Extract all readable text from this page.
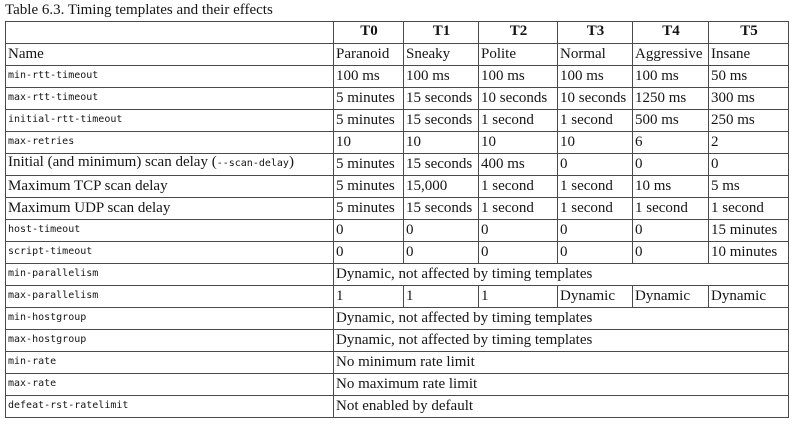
Table 6.3. Timing templates and their effects
	T0	T1	T2	T3	T4	T5
Name	Paranoid	Sneaky	Polite	Normal	Aggressive	Insane
min-rtt-timeout	100 ms	100 ms	100 ms	100 ms	100 ms	50 ms
max-rtt-timeout	5 minutes	15 seconds	10 seconds	10 seconds	1250 ms	300 ms
initial-rtt-timeout	5 minutes	15 seconds	1 second	1 second	500 ms	250 ms
max-retries	10	10	10	10	6	2
Initial (and minimum) scan delay (--scan-delay)	5 minutes	15 seconds	400 ms	0	0	0
Maximum TCP scan delay	5 minutes	15,000	1 second	1 second	10 ms	5 ms
Maximum UDP scan delay	5 minutes	15 seconds	1 second	1 second	1 second	1 second
host-timeout	0	0	0	0	0	15 minutes
script-timeout	0	0	0	0	0	10 minutes
min-parallelism	Dynamic, not affected by timing templates					
max-parallelism	1	1	1	Dynamic	Dynamic	Dynamic
min-hostgroup	Dynamic, not affected by timing templates					
max-hostgroup	Dynamic, not affected by timing templates					
min-rate	No minimum rate limit					
max-rate	No maximum rate limit					
defeat-rst-ratelimit	Not enabled by default					
